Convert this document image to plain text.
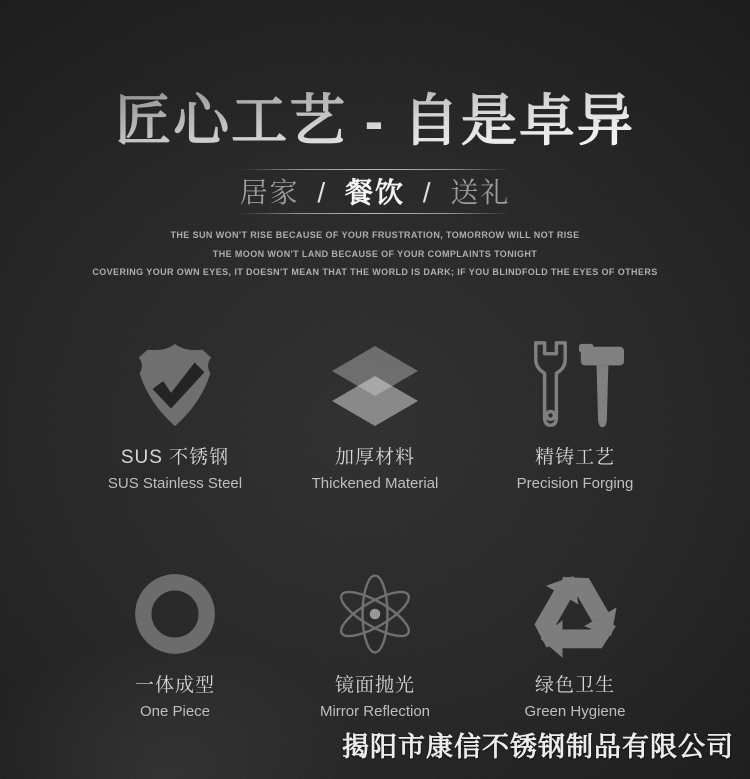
匠心工艺 - 自是卓异
居家 / 餐饮 / 送礼
THE SUN WON'T RISE BECAUSE OF YOUR FRUSTRATION, TOMORROW WILL NOT RISE
THE MOON WON'T LAND BECAUSE OF YOUR COMPLAINTS TONIGHT
COVERING YOUR OWN EYES, IT DOESN'T MEAN THAT THE WORLD IS DARK; IF YOU BLINDFOLD THE EYES OF OTHERS
SUS 不锈钢
SUS Stainless Steel
加厚材料
Thickened Material
精铸工艺
Precision Forging
一体成型
One Piece
镜面抛光
Mirror Reflection
绿色卫生
Green Hygiene
揭阳市康信不锈钢制品有限公司
